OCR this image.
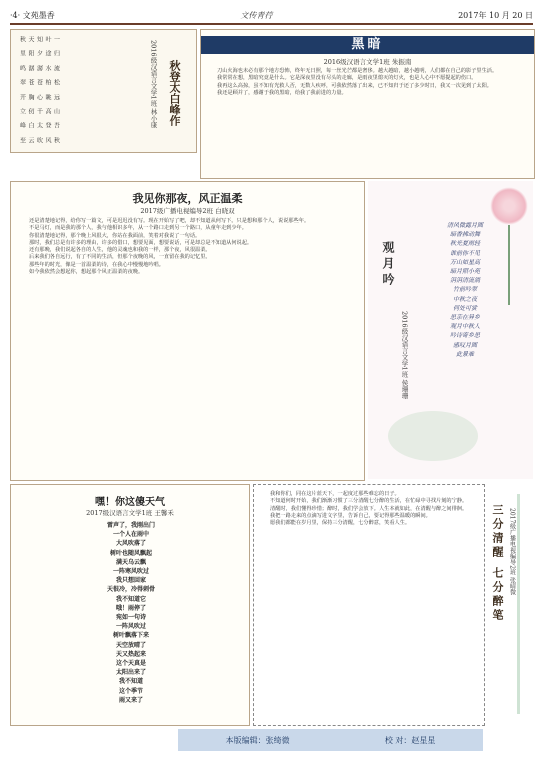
·4· 文苑墨香	文传青荇	2017年 10 月 20 日
一叶知天秋
归途夕阳里
流水潺潺鸣
松柏苍苍翠
远眺心胸开
山高千仞立
吾登太白峰
秋风吹云至
2016级汉语言文学1班 林小康 秋登太白峰作
黑暗
2016级汉语言文学1班 朱振南

刀山火海也未必有那个地方恐怖，终年无日照，每一丝光芒都是奢侈。越大越暗，越小越明，人们都在自己的影子里生活。

我常常在想，黑暗究竟是什么。它是深夜里没有尽头的走廊，是雨夜里熄灭的灯火，也是人心中不愿提起的伤口。

我再这么高掠，虽不知有光救人否，无数人疾呼，可我依然落了出来，已不知归于还了多少时日，我又一次见到了太阳。

我还是顾并了，感谢于我的黑暗，给我了我前进的力量。

我见你那夜，风正温柔
2017级广播电视编导2班 白晓双

还是清楚地记得，给你写一篇文，可是迟迟没有写。现在开始写了吧，却不知道从何写下。只是想和那个人，说说那些年。

不是马灯，而是我的那个人，我与他相识多年，从一个路口走到另一个路口，从童年走到少年。

你很清楚地记得，那个晚上风很大，你站在我面前，笑着对我说了一句话。

那时，我们总是有许多的理由，许多的借口，想要见面，想要说话，可是却总是不知道从何说起。

还有那晚，我们说起各自的人生，他的灵魂也和我的一样，那个夜，风很温柔。

后来我们各自远行，有了不同的生活，但那个夜晚的风，一直留在我的记忆里。

那些年的时光，像是一首温柔的诗，在我心中慢慢地吟唱。

如今我依然会想起你，想起那个风正温柔的夜晚。	观月吟
2016级汉语言文学1班 侯珊珊
清风微露月圆
暗香拂动舞
秋光夏雨轻
谁前你不见
万山如星高
暗月照小苑
涓涓清流淌
竹前吟翠
中秋之夜
何处可赏
思亲在异乡
观月中秋人
吟诗寄乡思
感叹月圆
此景难
嘿！你这傻天气
2017级汉语言文学1班 王馨禾
雷声了，我刚出门
一个人在雨中
大风吹落了
树叶也随风飘起
满天乌云飘
一阵寒风吹过
我只想回家
天很冷，冷得刺骨
我不知道它
哦！雨停了
宛如一句诗
一阵风吹过
树叶飘落下来
天空放晴了
天又热起来
这个天真是
太阳出来了
我不知道
这个季节
雨又来了

我和你们，同在这片蓝天下，一起度过那些难忘的日子。

不知道何时开始，我们渐渐习惯了三分清醒七分醉的生活，在忙碌中寻找片刻的宁静。

清醒时，我们懂得珍惜；醉时，我们学会放下。人生本就如此，在清醒与醉之间徘徊。

我把一路走来的点滴写进文字里，告诉自己，要记得那些温暖的瞬间。

愿我们都能在岁月里，保持三分清醒，七分醉意，笑看人生。	三分清醒 七分醉笔 2017级广播电视编导2班 张晴微
本版编辑：张绮微	校 对：赵星星
